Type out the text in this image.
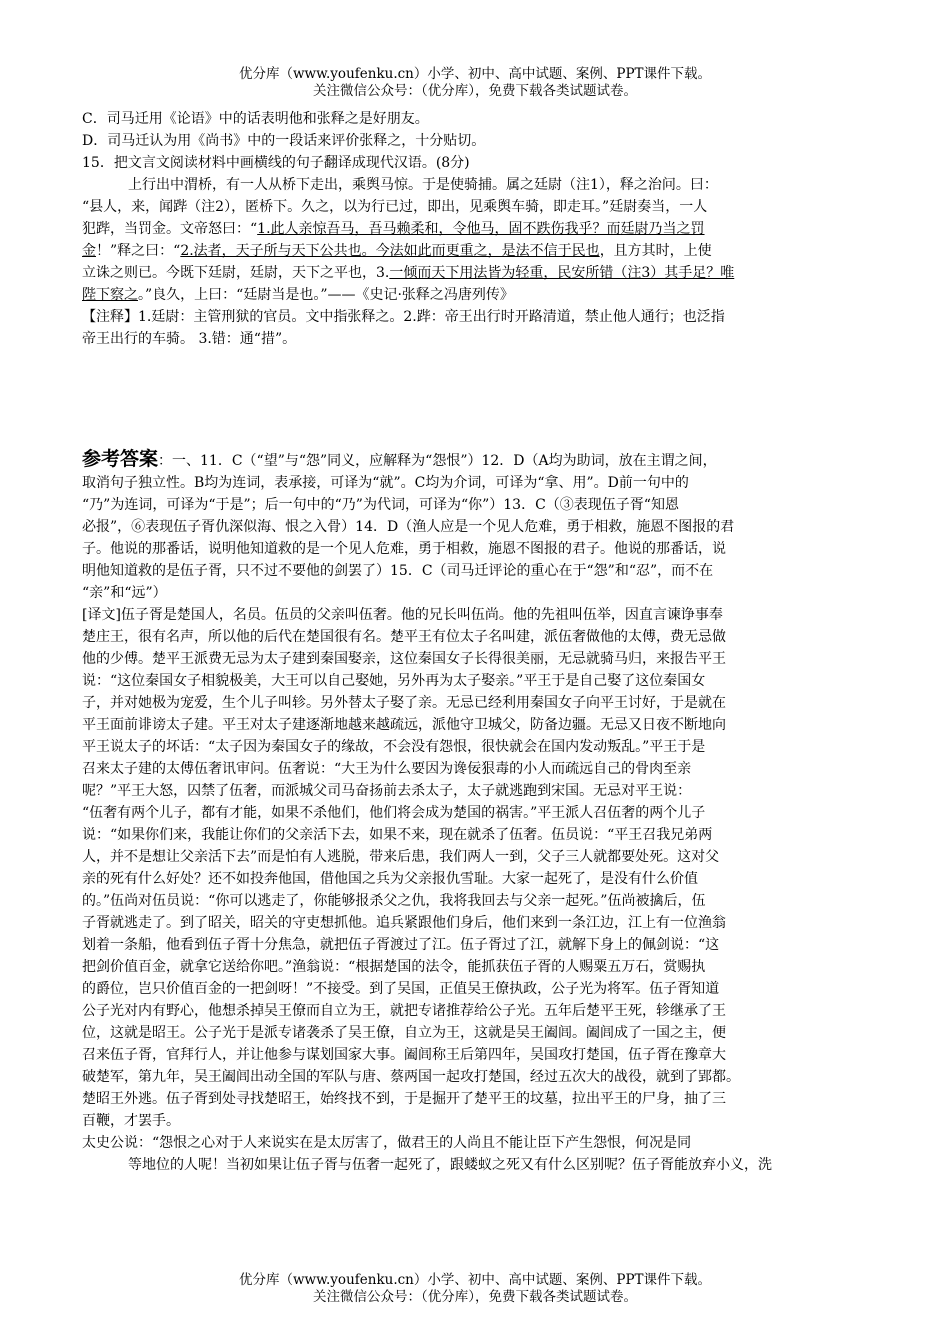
优分库（www.youfenku.cn）小学、初中、高中试题、案例、PPT课件下载。
关注微信公众号：（优分库），免费下载各类试题试卷。
C．司马迁用《论语》中的话表明他和张释之是好朋友。
D．司马迁认为用《尚书》中的一段话来评价张释之，十分贴切。
15．把文言文阅读材料中画横线的句子翻译成现代汉语。(8分)
上行出中渭桥，有一人从桥下走出，乘舆马惊。于是使骑捕。属之廷尉（注1），释之治问。曰：
“县人，来，闻跸（注2），匿桥下。久之，以为行已过，即出，见乘舆车骑，即走耳。”廷尉奏当，一人
犯跸，当罚金。文帝怒曰：“1.此人亲惊吾马，吾马赖柔和，令他马，固不跌伤我乎？而廷尉乃当之罚
金！”释之曰：“2.法者，天子所与天下公共也。今法如此而更重之，是法不信于民也，且方其时，上使
立诛之则已。今既下廷尉，廷尉，天下之平也，3.一倾而天下用法皆为轻重，民安所错（注3）其手足？唯
陛下察之。”良久，上曰：“廷尉当是也。”——《史记·张释之冯唐列传》
【注释】1.廷尉：主管刑狱的官员。文中指张释之。2.跸：帝王出行时开路清道，禁止他人通行；也泛指
帝王出行的车骑。 3.错：通“措”。
参考答案：一、11．C（“望”与“怨”同义，应解释为“怨恨”）12．D（A均为助词，放在主谓之间，
取消句子独立性。B均为连词，表承接，可译为“就”。C均为介词，可译为“拿、用”。D前一句中的
“乃”为连词，可译为“于是”；后一句中的“乃”为代词，可译为“你”）13．C（③表现伍子胥“知恩
必报”，⑥表现伍子胥仇深似海、恨之入骨）14．D（渔人应是一个见人危难，勇于相救，施恩不图报的君
子。他说的那番话，说明他知道救的是一个见人危难，勇于相救，施恩不图报的君子。他说的那番话，说
明他知道救的是伍子胥，只不过不要他的剑罢了）15．C（司马迁评论的重心在于“怨”和“忍”，而不在
“亲”和“远”）
[译文]伍子胥是楚国人，名员。伍员的父亲叫伍奢。他的兄长叫伍尚。他的先祖叫伍举，因直言谏诤事奉
楚庄王，很有名声，所以他的后代在楚国很有名。楚平王有位太子名叫建，派伍奢做他的太傅，费无忌做
他的少傅。楚平王派费无忌为太子建到秦国娶亲，这位秦国女子长得很美丽，无忌就骑马归，来报告平王
说：“这位秦国女子相貌极美，大王可以自己娶她，另外再为太子娶亲。”平王于是自己娶了这位秦国女
子，并对她极为宠爱，生个儿子叫轸。另外替太子娶了亲。无忌已经利用秦国女子向平王讨好，于是就在
平王面前诽谤太子建。平王对太子建逐渐地越来越疏远，派他守卫城父，防备边疆。无忌又日夜不断地向
平王说太子的坏话：“太子因为秦国女子的缘故，不会没有怨恨，很快就会在国内发动叛乱。”平王于是
召来太子建的太傅伍奢讯审问。伍奢说：“大王为什么要因为谗佞狠毒的小人而疏远自己的骨肉至亲
呢？”平王大怒，囚禁了伍奢，而派城父司马奋扬前去杀太子，太子就逃跑到宋国。无忌对平王说：
“伍奢有两个儿子，都有才能，如果不杀他们，他们将会成为楚国的祸害。”平王派人召伍奢的两个儿子
说：“如果你们来，我能让你们的父亲活下去，如果不来，现在就杀了伍奢。伍员说：“平王召我兄弟两
人，并不是想让父亲活下去”而是怕有人逃脱，带来后患，我们两人一到，父子三人就都要处死。这对父
亲的死有什么好处？还不如投奔他国，借他国之兵为父亲报仇雪耻。大家一起死了，是没有什么价值
的。”伍尚对伍员说：“你可以逃走了，你能够报杀父之仇，我将我回去与父亲一起死。”伍尚被擒后，伍
子胥就逃走了。到了昭关，昭关的守吏想抓他。追兵紧跟他们身后，他们来到一条江边，江上有一位渔翁
划着一条船，他看到伍子胥十分焦急，就把伍子胥渡过了江。伍子胥过了江，就解下身上的佩剑说：“这
把剑价值百金，就拿它送给你吧。”渔翁说：“根据楚国的法令，能抓获伍子胥的人赐粟五万石，赏赐执
的爵位，岂只价值百金的一把剑呀！”不接受。到了吴国，正值吴王僚执政，公子光为将军。伍子胥知道
公子光对内有野心，他想杀掉吴王僚而自立为王，就把专诸推荐给公子光。五年后楚平王死，轸继承了王
位，这就是昭王。公子光于是派专诸袭杀了吴王僚，自立为王，这就是吴王阖闾。阖闾成了一国之主，便
召来伍子胥，官拜行人，并让他参与谋划国家大事。阖闾称王后第四年，吴国攻打楚国，伍子胥在豫章大
破楚军，第九年，吴王阖闾出动全国的军队与唐、蔡两国一起攻打楚国，经过五次大的战役，就到了郢都。
楚昭王外逃。伍子胥到处寻找楚昭王，始终找不到，于是掘开了楚平王的坟墓，拉出平王的尸身，抽了三
百鞭，才罢手。
太史公说：“怨恨之心对于人来说实在是太厉害了，做君王的人尚且不能让臣下产生怨恨，何况是同
等地位的人呢！当初如果让伍子胥与伍奢一起死了，跟蝼蚁之死又有什么区别呢？伍子胥能放弃小义，洗
优分库（www.youfenku.cn）小学、初中、高中试题、案例、PPT课件下载。
关注微信公众号：（优分库），免费下载各类试题试卷。
